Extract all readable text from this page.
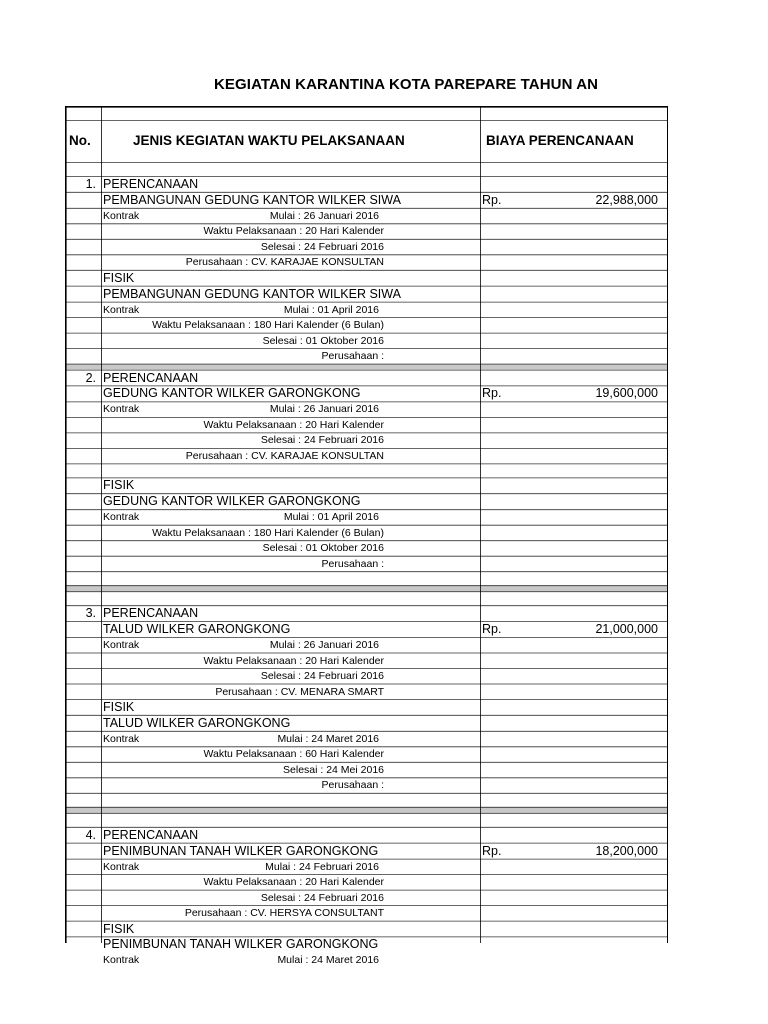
KEGIATAN KARANTINA KOTA PAREPARE TAHUN AN
No.	JENIS KEGIATAN WAKTU PELAKSANAAN	BIAYA PERENCANAAN
1. PERENCANAAN
PEMBANGUNAN GEDUNG KANTOR WILKER SIWA	Rp.	22,988,000
Kontrak	Mulai : 26 Januari 2016
Waktu Pelaksanaan : 20 Hari Kalender
Selesai : 24 Februari 2016
Perusahaan : CV. KARAJAE KONSULTAN
FISIK
PEMBANGUNAN GEDUNG KANTOR WILKER SIWA
Kontrak	Mulai : 01 April 2016
Waktu Pelaksanaan : 180 Hari Kalender (6 Bulan)
Selesai : 01 Oktober 2016
Perusahaan :
2. PERENCANAAN
GEDUNG KANTOR WILKER GARONGKONG	Rp.	19,600,000
Kontrak	Mulai : 26 Januari 2016
Waktu Pelaksanaan : 20 Hari Kalender
Selesai : 24 Februari 2016
Perusahaan : CV. KARAJAE KONSULTAN
FISIK
GEDUNG KANTOR WILKER GARONGKONG
Kontrak	Mulai : 01 April 2016
Waktu Pelaksanaan : 180 Hari Kalender (6 Bulan)
Selesai : 01 Oktober 2016
Perusahaan :
3. PERENCANAAN
TALUD WILKER GARONGKONG	Rp.	21,000,000
Kontrak	Mulai : 26 Januari 2016
Waktu Pelaksanaan : 20 Hari Kalender
Selesai : 24 Februari 2016
Perusahaan : CV. MENARA SMART
FISIK
TALUD WILKER GARONGKONG
Kontrak	Mulai : 24 Maret 2016
Waktu Pelaksanaan : 60 Hari Kalender
Selesai : 24 Mei 2016
Perusahaan :
4. PERENCANAAN
PENIMBUNAN TANAH WILKER GARONGKONG	Rp.	18,200,000
Kontrak	Mulai : 24 Februari 2016
Waktu Pelaksanaan : 20 Hari Kalender
Selesai : 24 Februari 2016
Perusahaan : CV. HERSYA CONSULTANT
FISIK
PENIMBUNAN TANAH WILKER GARONGKONG
Kontrak	Mulai : 24 Maret 2016
